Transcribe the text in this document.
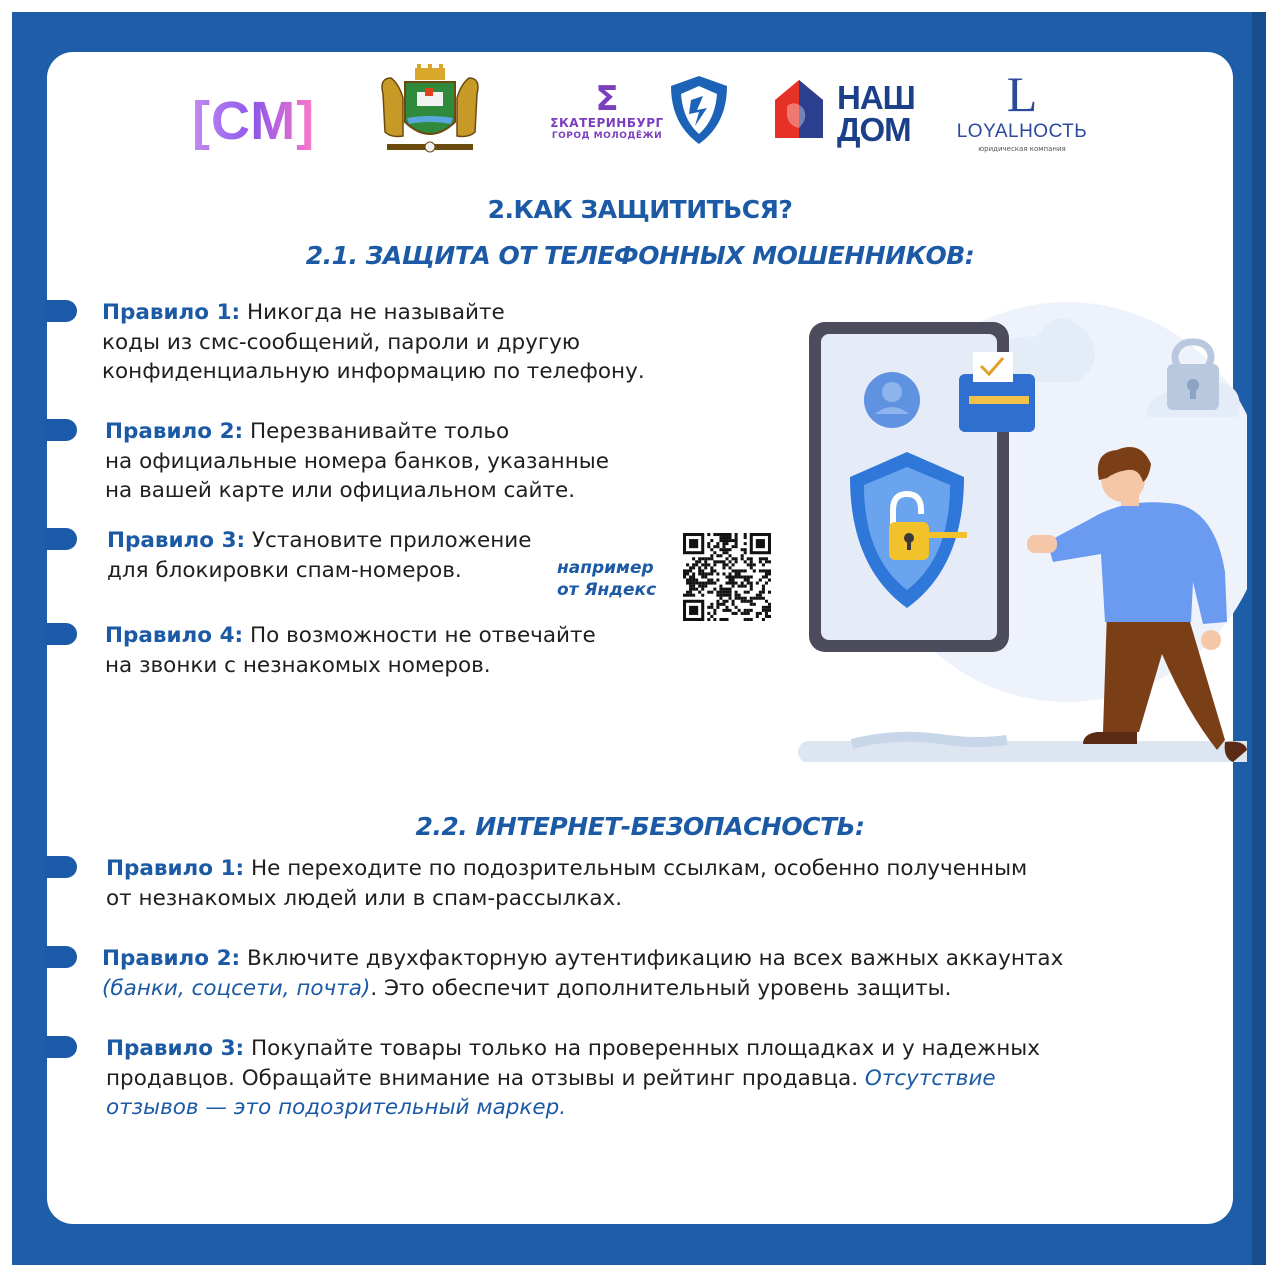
[СМ]	Ʃ
ƩКАТЕРИНБУРГ
ГОРОД МОЛОДЁЖИ
НАШ
ДОМ
L
LOYALНОСТЬ
юридическая компания
2.КАК ЗАЩИТИТЬСЯ?
2.1. ЗАЩИТА ОТ ТЕЛЕФОННЫХ МОШЕННИКОВ:
Правило 1: Никогда не называйте
коды из смс-сообщений, пароли и другую
конфиденциальную информацию по телефону.
Правило 2: Перезванивайте тольо
на официальные номера банков, указанные
на вашей карте или официальном сайте.
Правило 3: Установите приложение
для блокировки спам-номеров.	например
от Яндекс
Правило 4: По возможности не отвечайте
на звонки с незнакомых номеров.
2.2. ИНТЕРНЕТ-БЕЗОПАСНОСТЬ:
Правило 1: Не переходите по подозрительным ссылкам, особенно полученным
от незнакомых людей или в спам-рассылках.
Правило 2: Включите двухфакторную аутентификацию на всех важных аккаунтах
(банки, соцсети, почта). Это обеспечит дополнительный уровень защиты.
Правило 3: Покупайте товары только на проверенных площадках и у надежных
продавцов. Обращайте внимание на отзывы и рейтинг продавца. Отсутствие
отзывов — это подозрительный маркер.
